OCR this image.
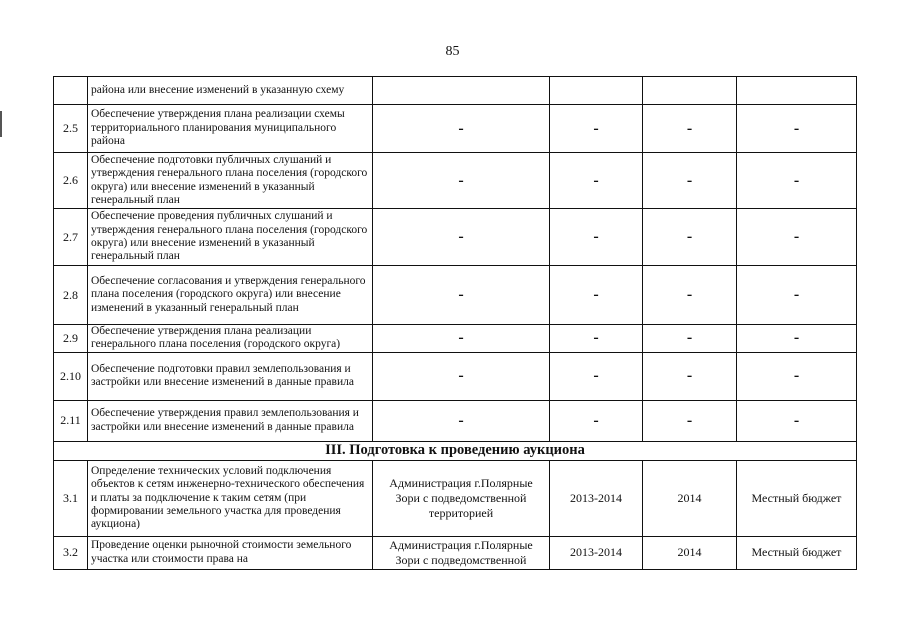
85
	района или внесение изменений в указанную схему				
2.5	Обеспечение утверждения плана реализации схемы территориального планирования муниципального района	-	-	-	-
2.6	Обеспечение подготовки публичных слушаний и утверждения генерального плана поселения (городского округа) или внесение изменений в указанный генеральный план	-	-	-	-
2.7	Обеспечение проведения публичных слушаний и утверждения генерального плана поселения (городского округа) или внесение изменений в указанный генеральный план	-	-	-	-
2.8	Обеспечение согласования и утверждения генерального плана поселения (городского округа) или внесение изменений в указанный генеральный план	-	-	-	-
2.9	Обеспечение утверждения плана реализации генерального плана поселения (городского округа)	-	-	-	-
2.10	Обеспечение подготовки правил землепользования и застройки или внесение изменений в данные правила	-	-	-	-
2.11	Обеспечение утверждения правил землепользования и застройки или внесение изменений в данные правила	-	-	-	-
III. Подготовка к проведению аукциона					
3.1	Определение технических условий подключения объектов к сетям инженерно-технического обеспечения и платы за подключение к таким сетям (при формировании земельного участка для проведения аукциона)	Администрация г.Полярные Зори с подведомственной территорией	2013-2014	2014	Местный бюджет
3.2	Проведение оценки рыночной стоимости земельного участка или стоимости права на	Администрация г.Полярные Зори с подведомственной	2013-2014	2014	Местный бюджет
